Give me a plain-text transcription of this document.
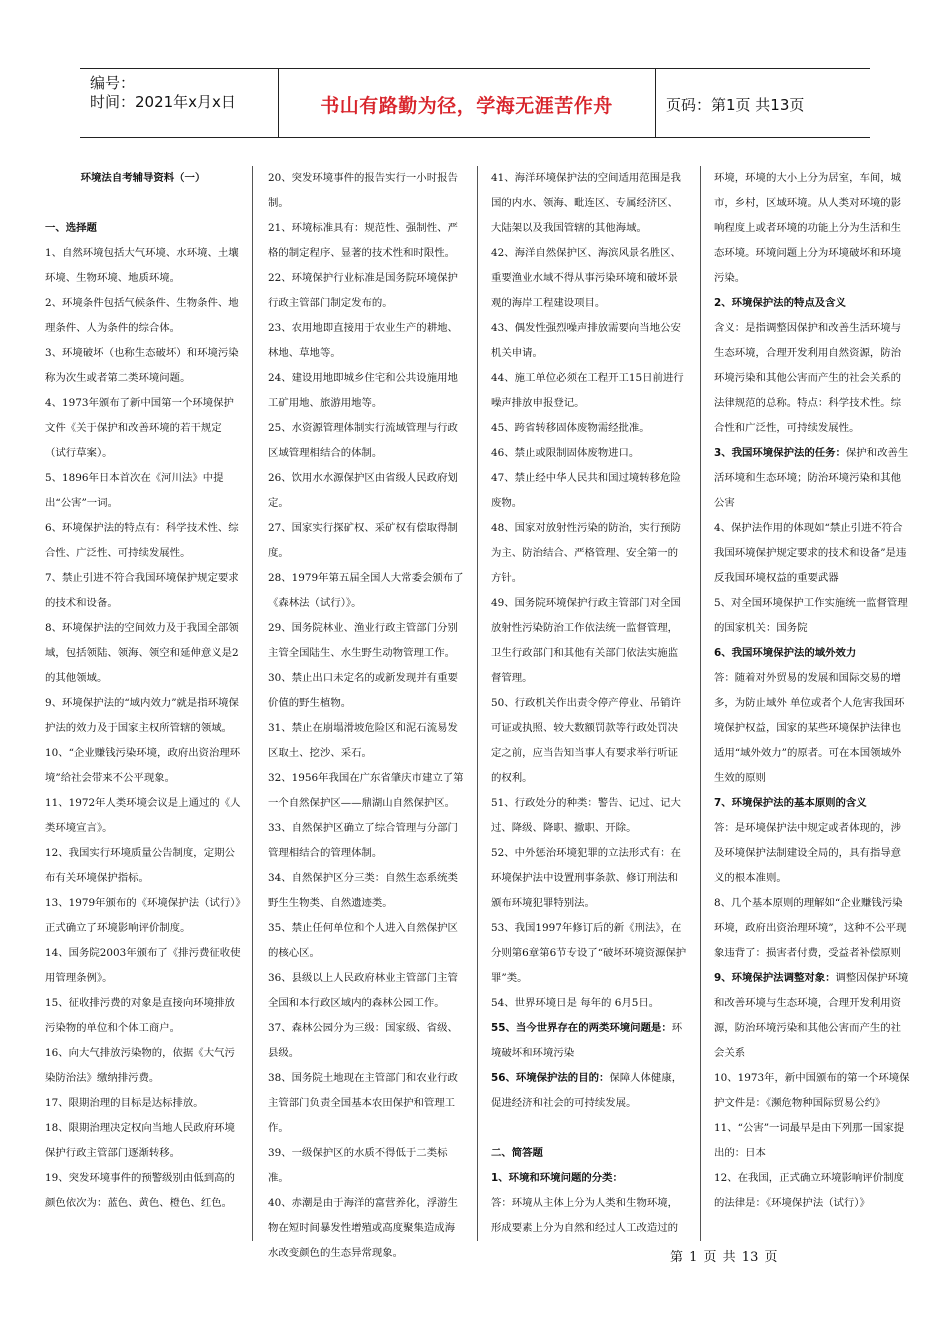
编号：
时间：2021年x月x日	书山有路勤为径，学海无涯苦作舟	页码：第1页 共13页

环境法自考辅导资料（一）

一、选择题

1、自然环境包括大气环境、水环境、土壤环境、生物环境、地质环境。

2、环境条件包括气候条件、生物条件、地理条件、人为条件的综合体。

3、环境破坏（也称生态破坏）和环境污染称为次生或者第二类环境问题。

4、1973年颁布了新中国第一个环境保护文件《关于保护和改善环境的若干规定（试行草案）。

5、1896年日本首次在《河川法》中提出“公害”一词。

6、环境保护法的特点有：科学技术性、综合性、广泛性、可持续发展性。

7、禁止引进不符合我国环境保护规定要求的技术和设备。

8、环境保护法的空间效力及于我国全部领域，包括领陆、领海、领空和延伸意义是2的其他领域。

9、环境保护法的“域内效力”就是指环境保护法的效力及于国家主权所管辖的领域。

10、“企业赚钱污染环境，政府出资治理环境”给社会带来不公平现象。

11、1972年人类环境会议是上通过的《人类环境宣言》。

12、我国实行环境质量公告制度，定期公布有关环境保护指标。

13、1979年颁布的《环境保护法（试行）》正式确立了环境影响评价制度。

14、国务院2003年颁布了《排污费征收使用管理条例》。

15、征收排污费的对象是直接向环境排放污染物的单位和个体工商户。

16、向大气排放污染物的，依据《大气污染防治法》缴纳排污费。

17、限期治理的目标是达标排放。

18、限期治理决定权向当地人民政府环境保护行政主管部门逐渐转移。

19、突发环境事件的预警级别由低到高的颜色依次为：蓝色、黄色、橙色、红色。

20、突发环境事件的报告实行一小时报告制。

21、环境标准具有：规范性、强制性、严格的制定程序、显著的技术性和时限性。

22、环境保护行业标准是国务院环境保护行政主管部门制定发布的。

23、农用地即直接用于农业生产的耕地、林地、草地等。

24、建设用地即城乡住宅和公共设施用地工矿用地、旅游用地等。

25、水资源管理体制实行流域管理与行政区域管理相结合的体制。

26、饮用水水源保护区由省级人民政府划定。

27、国家实行探矿权、采矿权有偿取得制度。

28、1979年第五届全国人大常委会颁布了《森林法（试行）》。

29、国务院林业、渔业行政主管部门分别主管全国陆生、水生野生动物管理工作。

30、禁止出口未定名的或新发现并有重要价值的野生植物。

31、禁止在崩塌滑坡危险区和泥石流易发区取土、挖沙、采石。

32、1956年我国在广东省肇庆市建立了第一个自然保护区——鼎湖山自然保护区。

33、自然保护区确立了综合管理与分部门管理相结合的管理体制。

34、自然保护区分三类：自然生态系统类野生生物类、自然遗迹类。

35、禁止任何单位和个人进入自然保护区的核心区。

36、县级以上人民政府林业主管部门主管全国和本行政区域内的森林公园工作。

37、森林公园分为三级：国家级、省级、县级。

38、国务院土地现在主管部门和农业行政主管部门负责全国基本农田保护和管理工作。

39、一级保护区的水质不得低于二类标准。

40、赤潮是由于海洋的富营养化，浮游生物在短时间暴发性增殖或高度聚集造成海水改变颜色的生态异常现象。

41、海洋环境保护法的空间适用范围是我国的内水、领海、毗连区、专属经济区、大陆架以及我国管辖的其他海域。

42、海洋自然保护区、海滨风景名胜区、重要渔业水域不得从事污染环境和破坏景观的海岸工程建设项目。

43、偶发性强烈噪声排放需要向当地公安机关申请。

44、施工单位必须在工程开工15日前进行噪声排放申报登记。

45、跨省转移固体废物需经批准。

46、禁止或限制固体废物进口。

47、禁止经中华人民共和国过境转移危险废物。

48、国家对放射性污染的防治，实行预防为主、防治结合、严格管理、安全第一的方针。

49、国务院环境保护行政主管部门对全国放射性污染防治工作依法统一监督管理，卫生行政部门和其他有关部门依法实施监督管理。

50、行政机关作出责令停产停业、吊销许可证或执照、较大数额罚款等行政处罚决定之前，应当告知当事人有要求举行听证的权利。

51、行政处分的种类：警告、记过、记大过、降级、降职、撤职、开除。

52、中外惩治环境犯罪的立法形式有：在环境保护法中设置刑事条款、修订刑法和颁布环境犯罪特别法。

53、我国1997年修订后的新《刑法》，在分则第6章第6节专设了“破坏环境资源保护罪”类。

54、世界环境日是 每年的 6月5日。

55、当今世界存在的两类环境问题是：环境破坏和环境污染

56、环境保护法的目的：保障人体健康，促进经济和社会的可持续发展。

二、简答题

1、环境和环境问题的分类：

答：环境从主体上分为人类和生物环境，形成要素上分为自然和经过人工改造过的

环境，环境的大小上分为居室，车间，城市，乡村，区域环境。从人类对环境的影响程度上或者环境的功能上分为生活和生态环境。环境问题上分为环境破坏和环境污染。

2、环境保护法的特点及含义

含义：是指调整因保护和改善生活环境与生态环境，合理开发利用自然资源，防治环境污染和其他公害而产生的社会关系的法律规范的总称。特点：科学技术性。综合性和广泛性，可持续发展性。

3、我国环境保护法的任务：保护和改善生活环境和生态环境；防治环境污染和其他公害

4、保护法作用的体现如“禁止引进不符合我国环境保护规定要求的技术和设备”是违反我国环境权益的重要武器

5、对全国环境保护工作实施统一监督管理的国家机关：国务院

6、我国环境保护法的域外效力

答：随着对外贸易的发展和国际交易的增多，为防止域外 单位或者个人危害我国环境保护权益，国家的某些环境保护法律也适用“域外效力”的原者。可在本国领域外生效的原则

7、环境保护法的基本原则的含义

答：是环境保护法中规定或者体现的，涉及环境保护法制建设全局的，具有指导意义的根本准则。

8、几个基本原则的理解如“企业赚钱污染环境，政府出资治理环境”，这种不公平现象违背了：损害者付费，受益者补偿原则

9、环境保护法调整对象：调整因保护环境和改善环境与生态环境，合理开发利用资源，防治环境污染和其他公害而产生的社会关系

10、1973年，新中国颁布的第一个环境保护文件是：《濒危物种国际贸易公约》

11、“公害”一词最早是由下列那一国家提出的：日本

12、在我国，正式确立环境影响评价制度的法律是：《环境保护法（试行）》

第 1 页 共 13 页
